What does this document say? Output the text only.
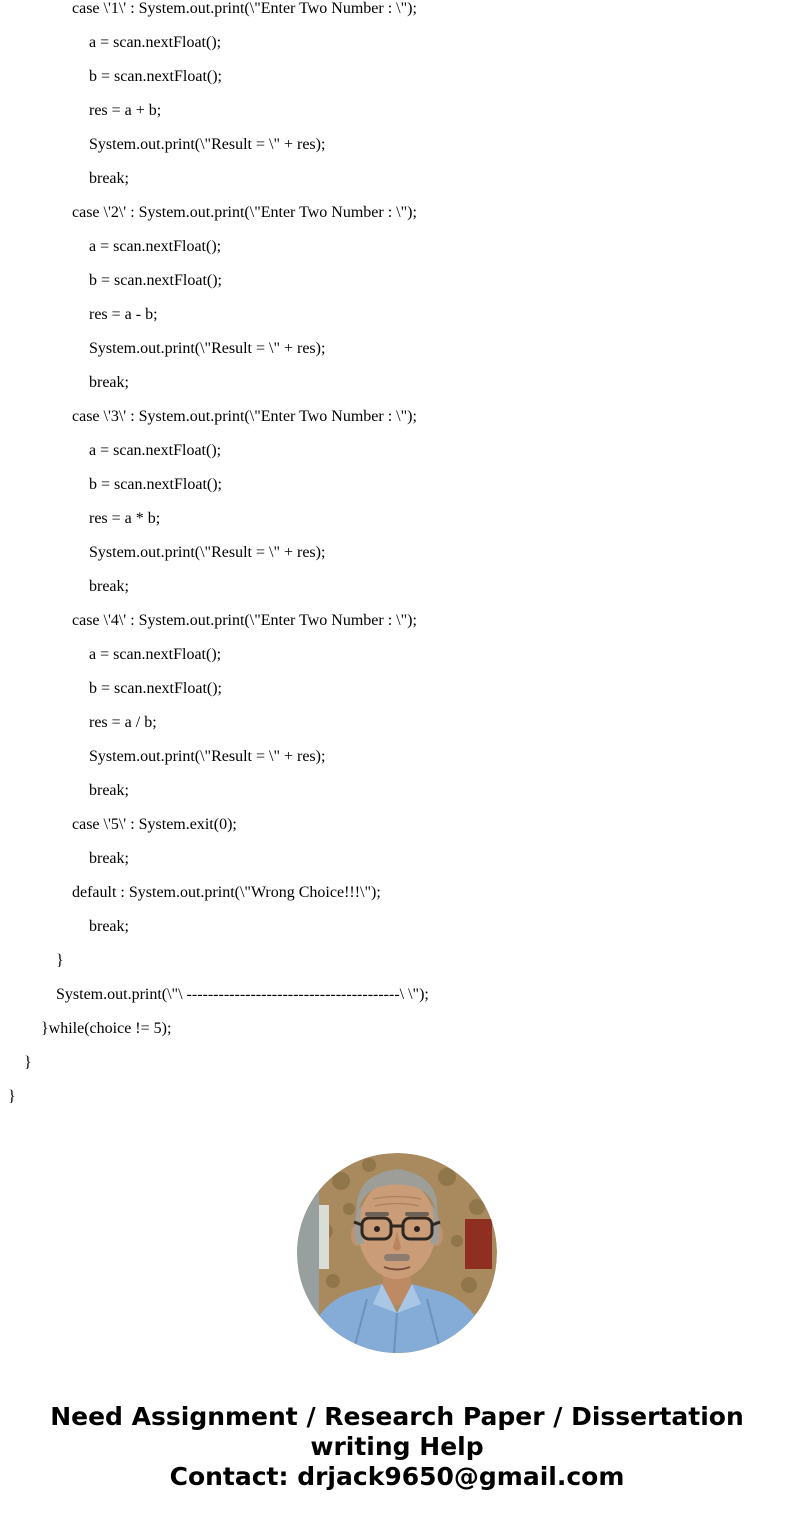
case \'1\' : System.out.print(\"Enter Two Number : \");
a = scan.nextFloat();
b = scan.nextFloat();
res = a + b;
System.out.print(\"Result = \" + res);
break;
case \'2\' : System.out.print(\"Enter Two Number : \");
a = scan.nextFloat();
b = scan.nextFloat();
res = a - b;
System.out.print(\"Result = \" + res);
break;
case \'3\' : System.out.print(\"Enter Two Number : \");
a = scan.nextFloat();
b = scan.nextFloat();
res = a * b;
System.out.print(\"Result = \" + res);
break;
case \'4\' : System.out.print(\"Enter Two Number : \");
a = scan.nextFloat();
b = scan.nextFloat();
res = a / b;
System.out.print(\"Result = \" + res);
break;
case \'5\' : System.exit(0);
break;
default : System.out.print(\"Wrong Choice!!!\");
break;
}
System.out.print(\"\ ----------------------------------------\ \");
}while(choice != 5);
}
}
Need Assignment / Research Paper / Dissertation
writing Help
Contact: drjack9650@gmail.com
